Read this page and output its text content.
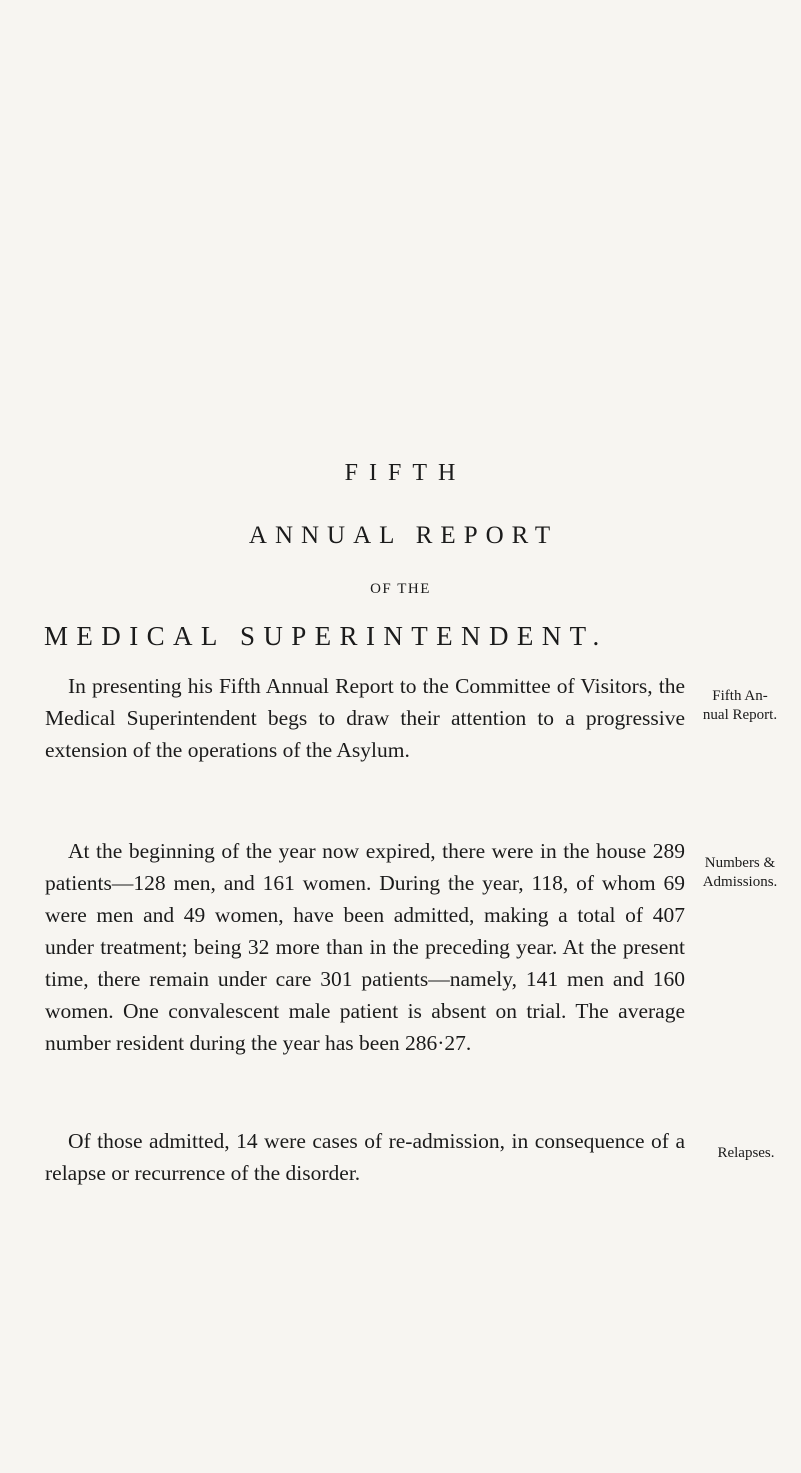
FIFTH
ANNUAL REPORT
OF THE
MEDICAL SUPERINTENDENT.

In presenting his Fifth Annual Report to the Committee of Visitors, the Medical Superintendent begs to draw their attention to a progressive extension of the operations of the Asylum.

Fifth An-
nual Report.

At the beginning of the year now expired, there were in the house 289 patients—128 men, and 161 women. During the year, 118, of whom 69 were men and 49 women, have been admitted, making a total of 407 under treatment; being 32 more than in the preceding year. At the present time, there remain under care 301 patients—namely, 141 men and 160 women. One convalescent male patient is absent on trial. The average number resident during the year has been 286·27.

Numbers &
Admissions.

Of those admitted, 14 were cases of re-admission, in consequence of a relapse or recurrence of the disorder.

Relapses.
